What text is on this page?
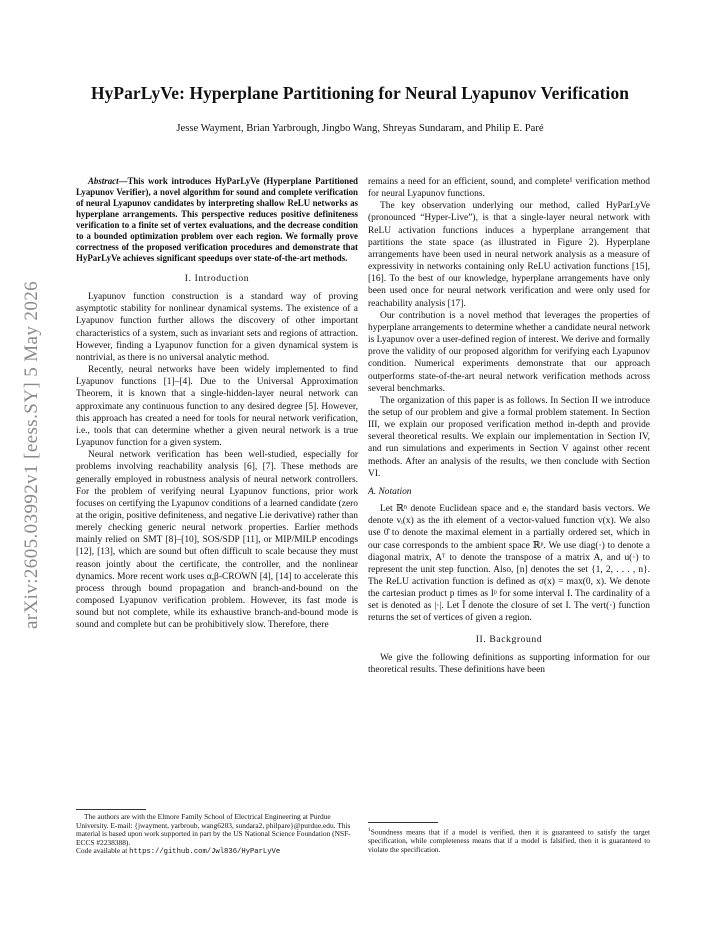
arXiv:2605.03992v1 [eess.SY] 5 May 2026
HyParLyVe: Hyperplane Partitioning for Neural Lyapunov Verification
Jesse Wayment, Brian Yarbrough, Jingbo Wang, Shreyas Sundaram, and Philip E. Paré

Abstract—This work introduces HyParLyVe (Hyperplane Partitioned Lyapunov Verifier), a novel algorithm for sound and complete verification of neural Lyapunov candidates by interpreting shallow ReLU networks as hyperplane arrangements. This perspective reduces positive definiteness verification to a finite set of vertex evaluations, and the decrease condition to a bounded optimization problem over each region. We formally prove correctness of the proposed verification procedures and demonstrate that HyParLyVe achieves significant speedups over state-of-the-art methods.

I. Introduction

Lyapunov function construction is a standard way of proving asymptotic stability for nonlinear dynamical systems. The existence of a Lyapunov function further allows the discovery of other important characteristics of a system, such as invariant sets and regions of attraction. However, finding a Lyapunov function for a given dynamical system is nontrivial, as there is no universal analytic method.

Recently, neural networks have been widely implemented to find Lyapunov functions [1]–[4]. Due to the Universal Approximation Theorem, it is known that a single-hidden-layer neural network can approximate any continuous function to any desired degree [5]. However, this approach has created a need for tools for neural network verification, i.e., tools that can determine whether a given neural network is a true Lyapunov function for a given system.

Neural network verification has been well-studied, especially for problems involving reachability analysis [6], [7]. These methods are generally employed in robustness analysis of neural network controllers. For the problem of verifying neural Lyapunov functions, prior work focuses on certifying the Lyapunov conditions of a learned candidate (zero at the origin, positive definiteness, and negative Lie derivative) rather than merely checking generic neural network properties. Earlier methods mainly relied on SMT [8]–[10], SOS/SDP [11], or MIP/MILP encodings [12], [13], which are sound but often difficult to scale because they must reason jointly about the certificate, the controller, and the nonlinear dynamics. More recent work uses α,β-CROWN [4], [14] to accelerate this process through bound propagation and branch-and-bound on the composed Lyapunov verification problem. However, its fast mode is sound but not complete, while its exhaustive branch-and-bound mode is sound and complete but can be prohibitively slow. Therefore, there

The authors are with the Elmore Family School of Electrical Engineering at Purdue University. E-mail: {jwayment, yarbroub, wang6203, sundara2, philpare}@purdue.edu. This material is based upon work supported in part by the US National Science Foundation (NSF-ECCS #2238388).

Code available at https://github.com/Jwl836/HyParLyVe

remains a need for an efficient, sound, and complete¹ verification method for neural Lyapunov functions.

The key observation underlying our method, called HyParLyVe (pronounced “Hyper-Live”), is that a single-layer neural network with ReLU activation functions induces a hyperplane arrangement that partitions the state space (as illustrated in Figure 2). Hyperplane arrangements have been used in neural network analysis as a measure of expressivity in networks containing only ReLU activation functions [15], [16]. To the best of our knowledge, hyperplane arrangements have only been used once for neural network verification and were only used for reachability analysis [17].

Our contribution is a novel method that leverages the properties of hyperplane arrangements to determine whether a candidate neural network is Lyapunov over a user-defined region of interest. We derive and formally prove the validity of our proposed algorithm for verifying each Lyapunov condition. Numerical experiments demonstrate that our approach outperforms state-of-the-art neural network verification methods across several benchmarks.

The organization of this paper is as follows. In Section II we introduce the setup of our problem and give a formal problem statement. In Section III, we explain our proposed verification method in-depth and provide several theoretical results. We explain our implementation in Section IV, and run simulations and experiments in Section V against other recent methods. After an analysis of the results, we then conclude with Section VI.

A. Notation

Let ℝⁿ denote Euclidean space and eᵢ the standard basis vectors. We denote vᵢ(x) as the ith element of a vector-valued function v(x). We also use 0̂ to denote the maximal element in a partially ordered set, which in our case corresponds to the ambient space ℝᵖ. We use diag(·) to denote a diagonal matrix, Aᵀ to denote the transpose of a matrix A, and u(·) to represent the unit step function. Also, [n] denotes the set {1, 2, . . . , n}. The ReLU activation function is defined as σ(x) = max(0, x). We denote the cartesian product p times as Iᵖ for some interval I. The cardinality of a set is denoted as |·|. Let Ī denote the closure of set I. The vert(·) function returns the set of vertices of given a region.

II. Background

We give the following definitions as supporting information for our theoretical results. These definitions have been

$^1$Soundness means that if a model is verified, then it is guaranteed to satisfy the target specification, while completeness means that if a model is falsified, then it is guaranteed to violate the specification.
